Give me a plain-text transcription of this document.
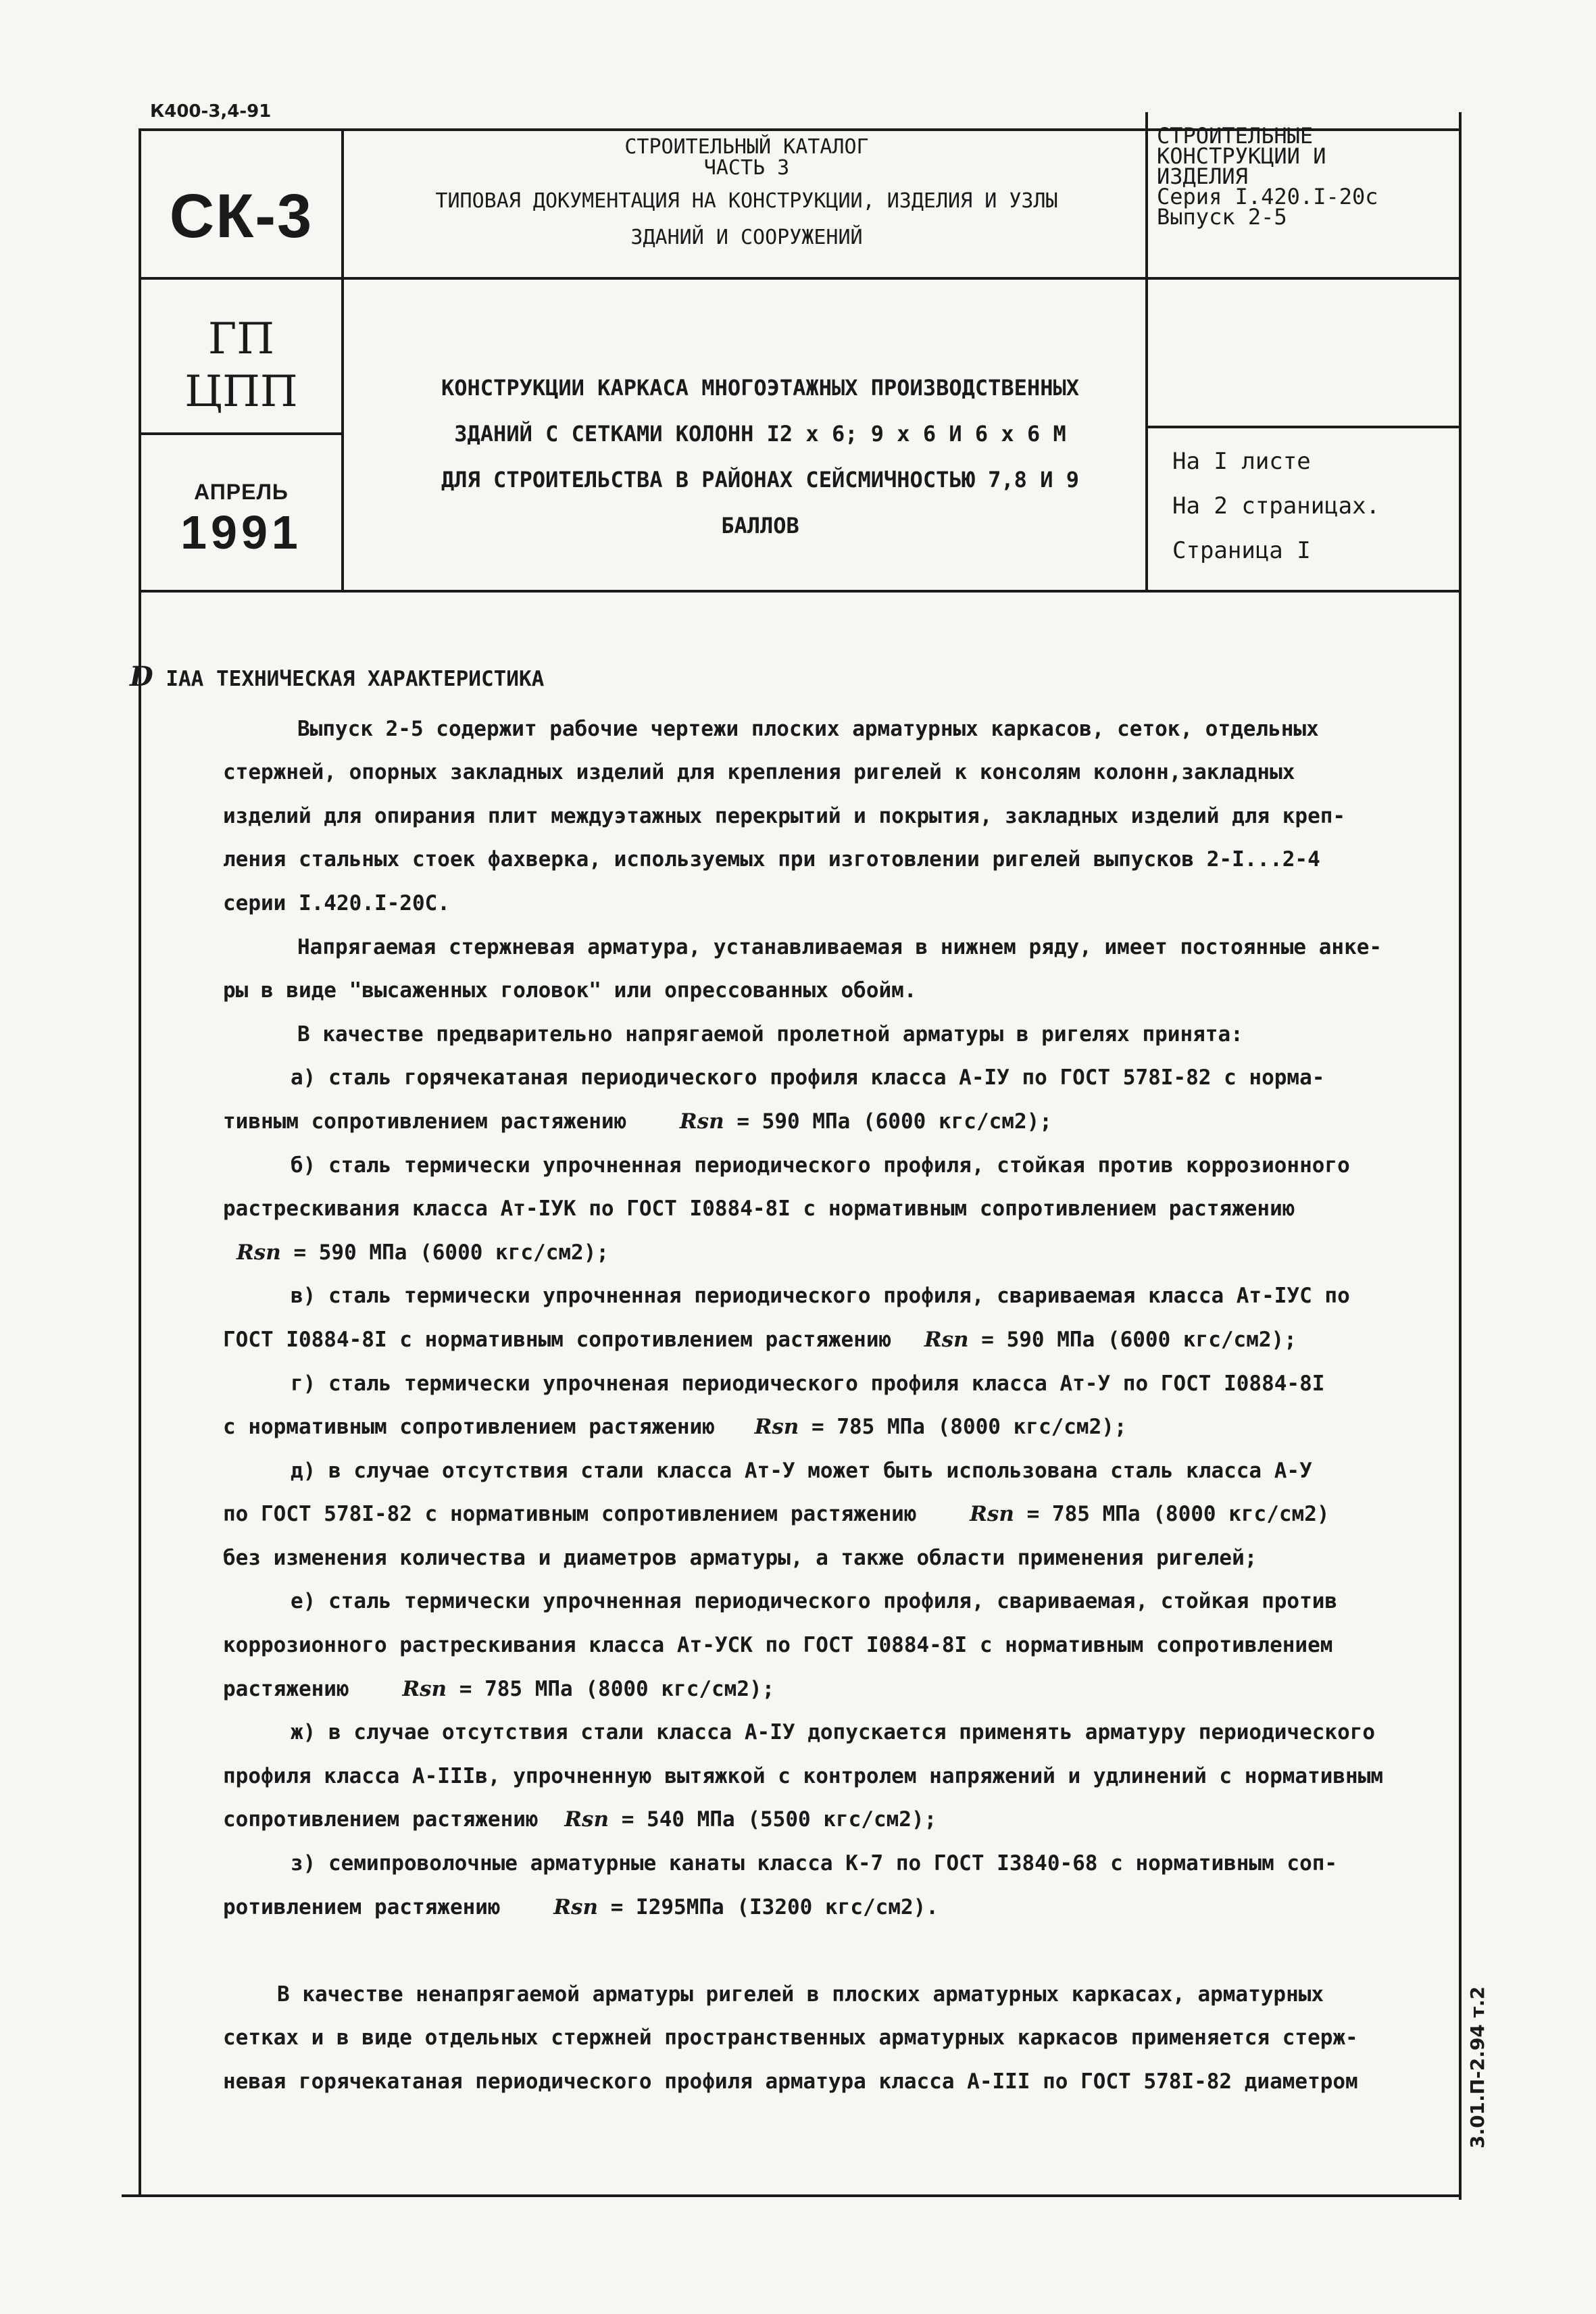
К400-3,4-91
СК-3
ГП
ЦПП
АПРЕЛЬ
1991
СТРОИТЕЛЬНЫЙ КАТАЛОГ
ЧАСТЬ 3
ТИПОВАЯ ДОКУМЕНТАЦИЯ НА КОНСТРУКЦИИ, ИЗДЕЛИЯ И УЗЛЫ
ЗДАНИЙ И СООРУЖЕНИЙ
СТРОИТЕЛЬНЫЕ
КОНСТРУКЦИИ И
ИЗДЕЛИЯ
Серия I.420.I-20с
Выпуск 2-5
КОНСТРУКЦИИ КАРКАСА МНОГОЭТАЖНЫХ ПРОИЗВОДСТВЕННЫХ
ЗДАНИЙ С СЕТКАМИ КОЛОНН I2 x 6; 9 x 6 И 6 x 6 М
ДЛЯ СТРОИТЕЛЬСТВА В РАЙОНАХ СЕЙСМИЧНОСТЬЮ 7,8 И 9
БАЛЛОВ
На I листе
На 2 страницах.
Страница I
D ІАА ТЕХНИЧЕСКАЯ ХАРАКТЕРИСТИКА
Выпуск 2-5 содержит рабочие чертежи плоских арматурных каркасов, сеток, отдельных
стержней, опорных закладных изделий для крепления ригелей к консолям колонн,закладных
изделий для опирания плит междуэтажных перекрытий и покрытия, закладных изделий для креп-
ления стальных стоек фахверка, используемых при изготовлении ригелей выпусков 2-I...2-4
серии I.420.I-20С.
Напрягаемая стержневая арматура, устанавливаемая в нижнем ряду, имеет постоянные анке-
ры в виде "высаженных головок" или опрессованных обойм.
В качестве предварительно напрягаемой пролетной арматуры в ригелях принята:
а) сталь горячекатаная периодического профиля класса А-IУ по ГОСТ 578I-82 с норма-
тивным сопротивлением растяжению	Rsn = 590 МПа (6000 кгс/см2);
б) сталь термически упрочненная периодического профиля, стойкая против коррозионного
растрескивания класса Ат-IУК по ГОСТ I0884-8I с нормативным сопротивлением растяжению
Rsn = 590 МПа (6000 кгс/см2);
в) сталь термически упрочненная периодического профиля, свариваемая класса Ат-IУС по
ГОСТ I0884-8I с нормативным сопротивлением растяжению Rsn = 590 МПа (6000 кгс/см2);
г) сталь термически упрочненая периодического профиля класса Ат-У по ГОСТ I0884-8I
с нормативным сопротивлением растяжению Rsn = 785 МПа (8000 кгс/см2);
д) в случае отсутствия стали класса Ат-У может быть использована сталь класса А-У
по ГОСТ 578I-82 с нормативным сопротивлением растяжению	Rsn = 785 МПа (8000 кгс/см2)
без изменения количества и диаметров арматуры, а также области применения ригелей;
е) сталь термически упрочненная периодического профиля, свариваемая, стойкая против
коррозионного растрескивания класса Ат-УСК по ГОСТ I0884-8I с нормативным сопротивлением
растяжению	Rsn = 785 МПа (8000 кгс/см2);
ж) в случае отсутствия стали класса А-IУ допускается применять арматуру периодического
профиля класса А-IIIв, упрочненную вытяжкой с контролем напряжений и удлинений с нормативным
сопротивлением растяжению Rsn = 540 МПа (5500 кгс/см2);
з) семипроволочные арматурные канаты класса К-7 по ГОСТ I3840-68 с нормативным соп-
ротивлением растяжению	Rsn = I295МПа (I3200 кгс/см2).
В качестве ненапрягаемой арматуры ригелей в плоских арматурных каркасах, арматурных
сетках и в виде отдельных стержней пространственных арматурных каркасов применяется стерж-
невая горячекатаная периодического профиля арматура класса А-III по ГОСТ 578I-82 диаметром	3.01.П-2.94 т.2
